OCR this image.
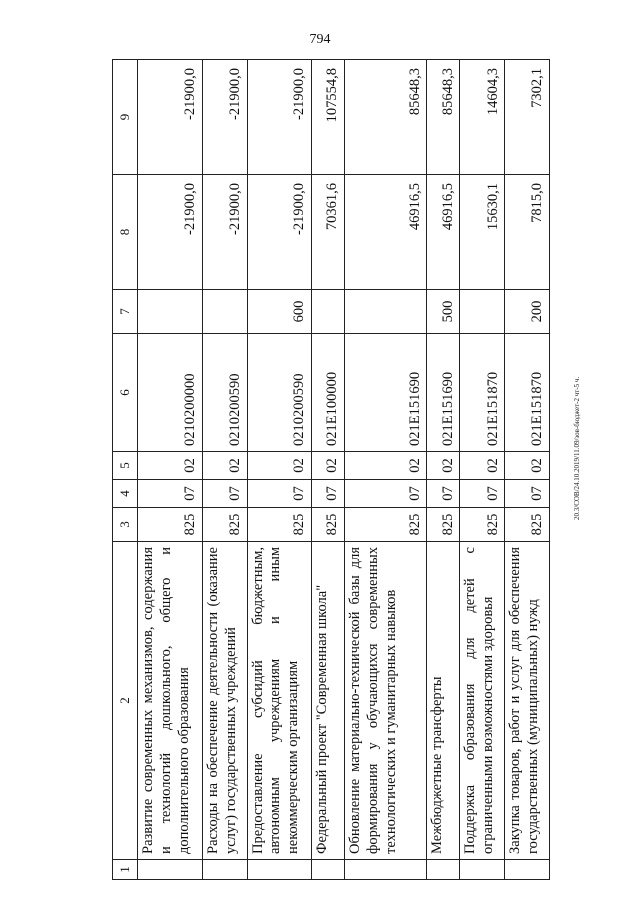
794
20.3/СОВ/24.10.2019/11.09/зов-бюджет-2 чт-5 ч.
1	2	3	4	5	6	7	8	9
	Развитие современных механизмов, содержания и технологий дошкольного, общего и дополнительного образования	825	07	02	0210200000		-21900,0	-21900,0
	Расходы на обеспечение деятельности (оказание услуг) государственных учреждений	825	07	02	0210200590		-21900,0	-21900,0
	Предоставление субсидий бюджетным, автономным учреждениям и иным некоммерческим организациям	825	07	02	0210200590	600	-21900,0	-21900,0
	Федеральный проект "Современная школа"	825	07	02	021E100000		70361,6	107554,8
	Обновление материально-технической базы для формирования у обучающихся современных технологических и гуманитарных навыков	825	07	02	021E151690		46916,5	85648,3
	Межбюджетные трансферты	825	07	02	021E151690	500	46916,5	85648,3
	Поддержка образования для детей с ограниченными возможностями здоровья	825	07	02	021E151870		15630,1	14604,3
	Закупка товаров, работ и услуг для обеспечения государственных (муниципальных) нужд	825	07	02	021E151870	200	7815,0	7302,1
